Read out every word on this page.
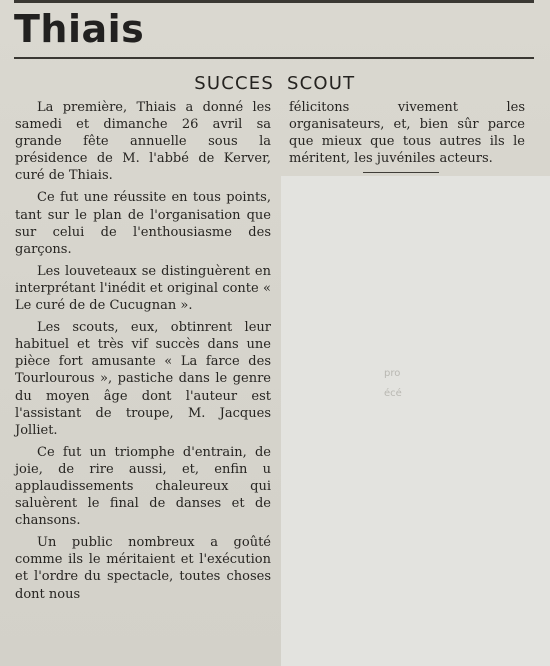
Thiais
SUCCES SCOUT

La première, Thiais a donné les samedi et dimanche 26 avril sa grande fête annuelle sous la présidence de M. l'abbé de Kerver, curé de Thiais.

Ce fut une réussite en tous points, tant sur le plan de l'organisation que sur celui de l'enthousiasme des garçons.

Les louveteaux se distinguèrent en interprétant l'inédit et original conte « Le curé de de Cucugnan ».

Les scouts, eux, obtinrent leur habituel et très vif succès dans une pièce fort amusante « La farce des Tourlourous », pastiche dans le genre du moyen âge dont l'auteur est l'assistant de troupe, M. Jacques Jolliet.

Ce fut un triomphe d'entrain, de joie, de rire aussi, et, enfin u applaudissements chaleureux qui saluèrent le final de danses et de chansons.

Un public nombreux a goûté comme ils le méritaient et l'exécution et l'ordre du spectacle, toutes choses dont nous

félicitons vivement les organisateurs, et, bien sûr parce que mieux que tous autres ils le méritent, les juvéniles acteurs.

pro
écé
